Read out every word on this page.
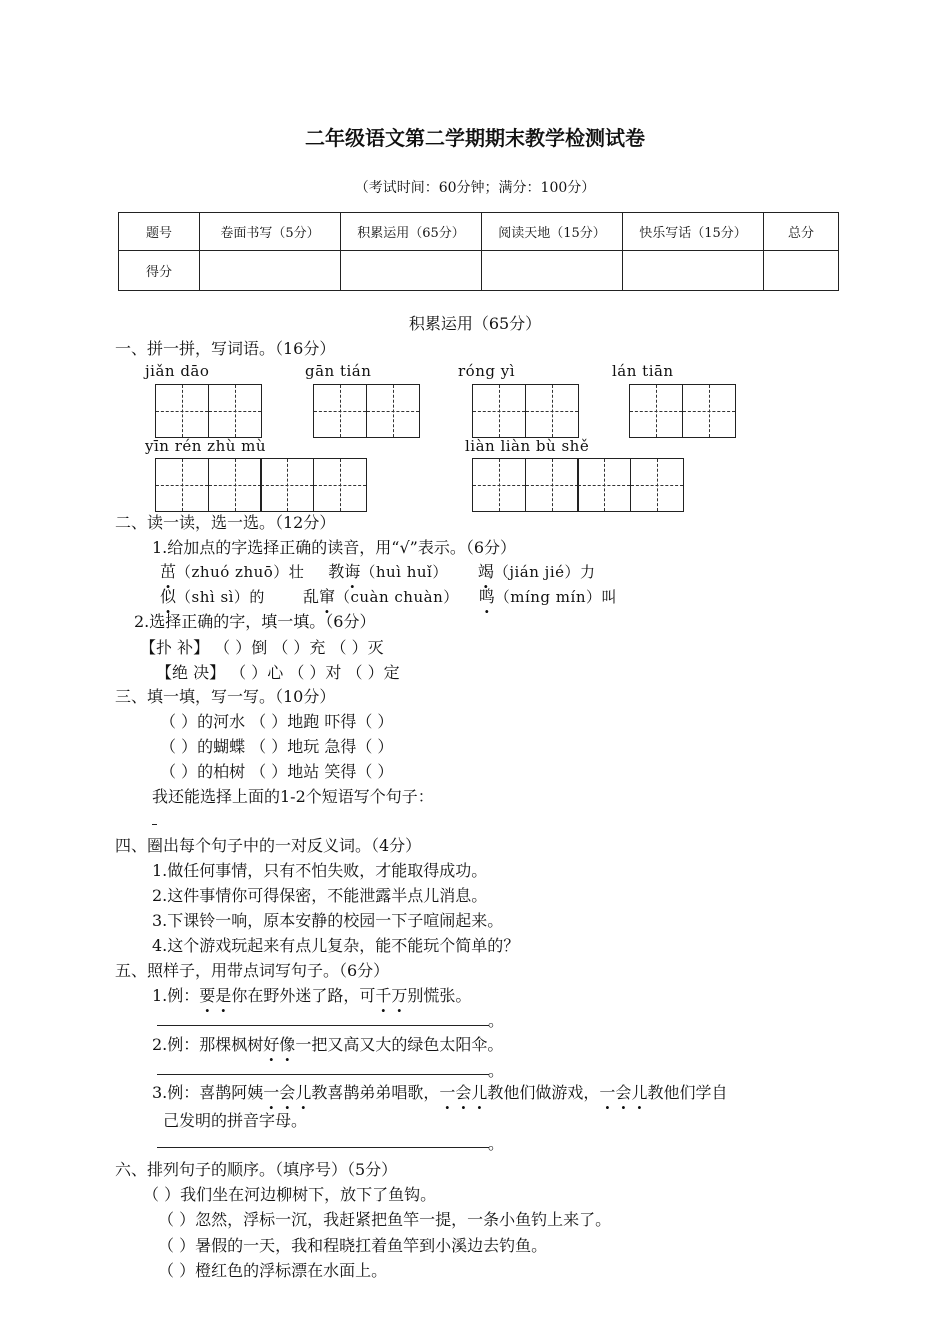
二年级语文第二学期期末教学检测试卷
（考试时间：60分钟；满分：100分）
题号	卷面书写（5分）	积累运用（65分）	阅读天地（15分）	快乐写话（15分）	总分
得分					
积累运用（65分）
一、拼一拼，写词语。（16分）
jiǎn dāo	gān tián	róng yì	lán tiān
yīn rén zhù mù	liàn liàn bù shě
二、读一读，选一选。（12分）
1.给加点的字选择正确的读音，用“√”表示。（6分）
茁（zhuó zhuō）壮 教诲（huì huǐ） 竭（jián jié）力
似（shì sì）的 乱窜（cuàn chuàn） 鸣（míng mín）叫
2.选择正确的字，填一填。（6分）
【扑 补】 （ ）倒 （ ）充 （ ）灭
【绝 决】 （ ）心 （ ）对 （ ）定
三、填一填，写一写。（10分）
（ ）的河水 （ ）地跑 吓得（ ）
（ ）的蝴蝶 （ ）地玩 急得（ ）
（ ）的柏树 （ ）地站 笑得（ ）
我还能选择上面的1-2个短语写个句子：
四、圈出每个句子中的一对反义词。（4分）
1.做任何事情，只有不怕失败，才能取得成功。
2.这件事情你可得保密，不能泄露半点儿消息。
3.下课铃一响，原本安静的校园一下子喧闹起来。
4.这个游戏玩起来有点儿复杂，能不能玩个简单的？
五、照样子，用带点词写句子。（6分）
1.例：要是你在野外迷了路，可千万别慌张。
。
2.例：那棵枫树好像一把又高又大的绿色太阳伞。
。
3.例：喜鹊阿姨一会儿教喜鹊弟弟唱歌，一会儿教他们做游戏，一会儿教他们学自
己发明的拼音字母。
。
六、排列句子的顺序。（填序号）（5分）
（ ）我们坐在河边柳树下，放下了鱼钩。
（ ）忽然，浮标一沉，我赶紧把鱼竿一提，一条小鱼钓上来了。
（ ）暑假的一天，我和程晓扛着鱼竿到小溪边去钓鱼。
（ ）橙红色的浮标漂在水面上。
